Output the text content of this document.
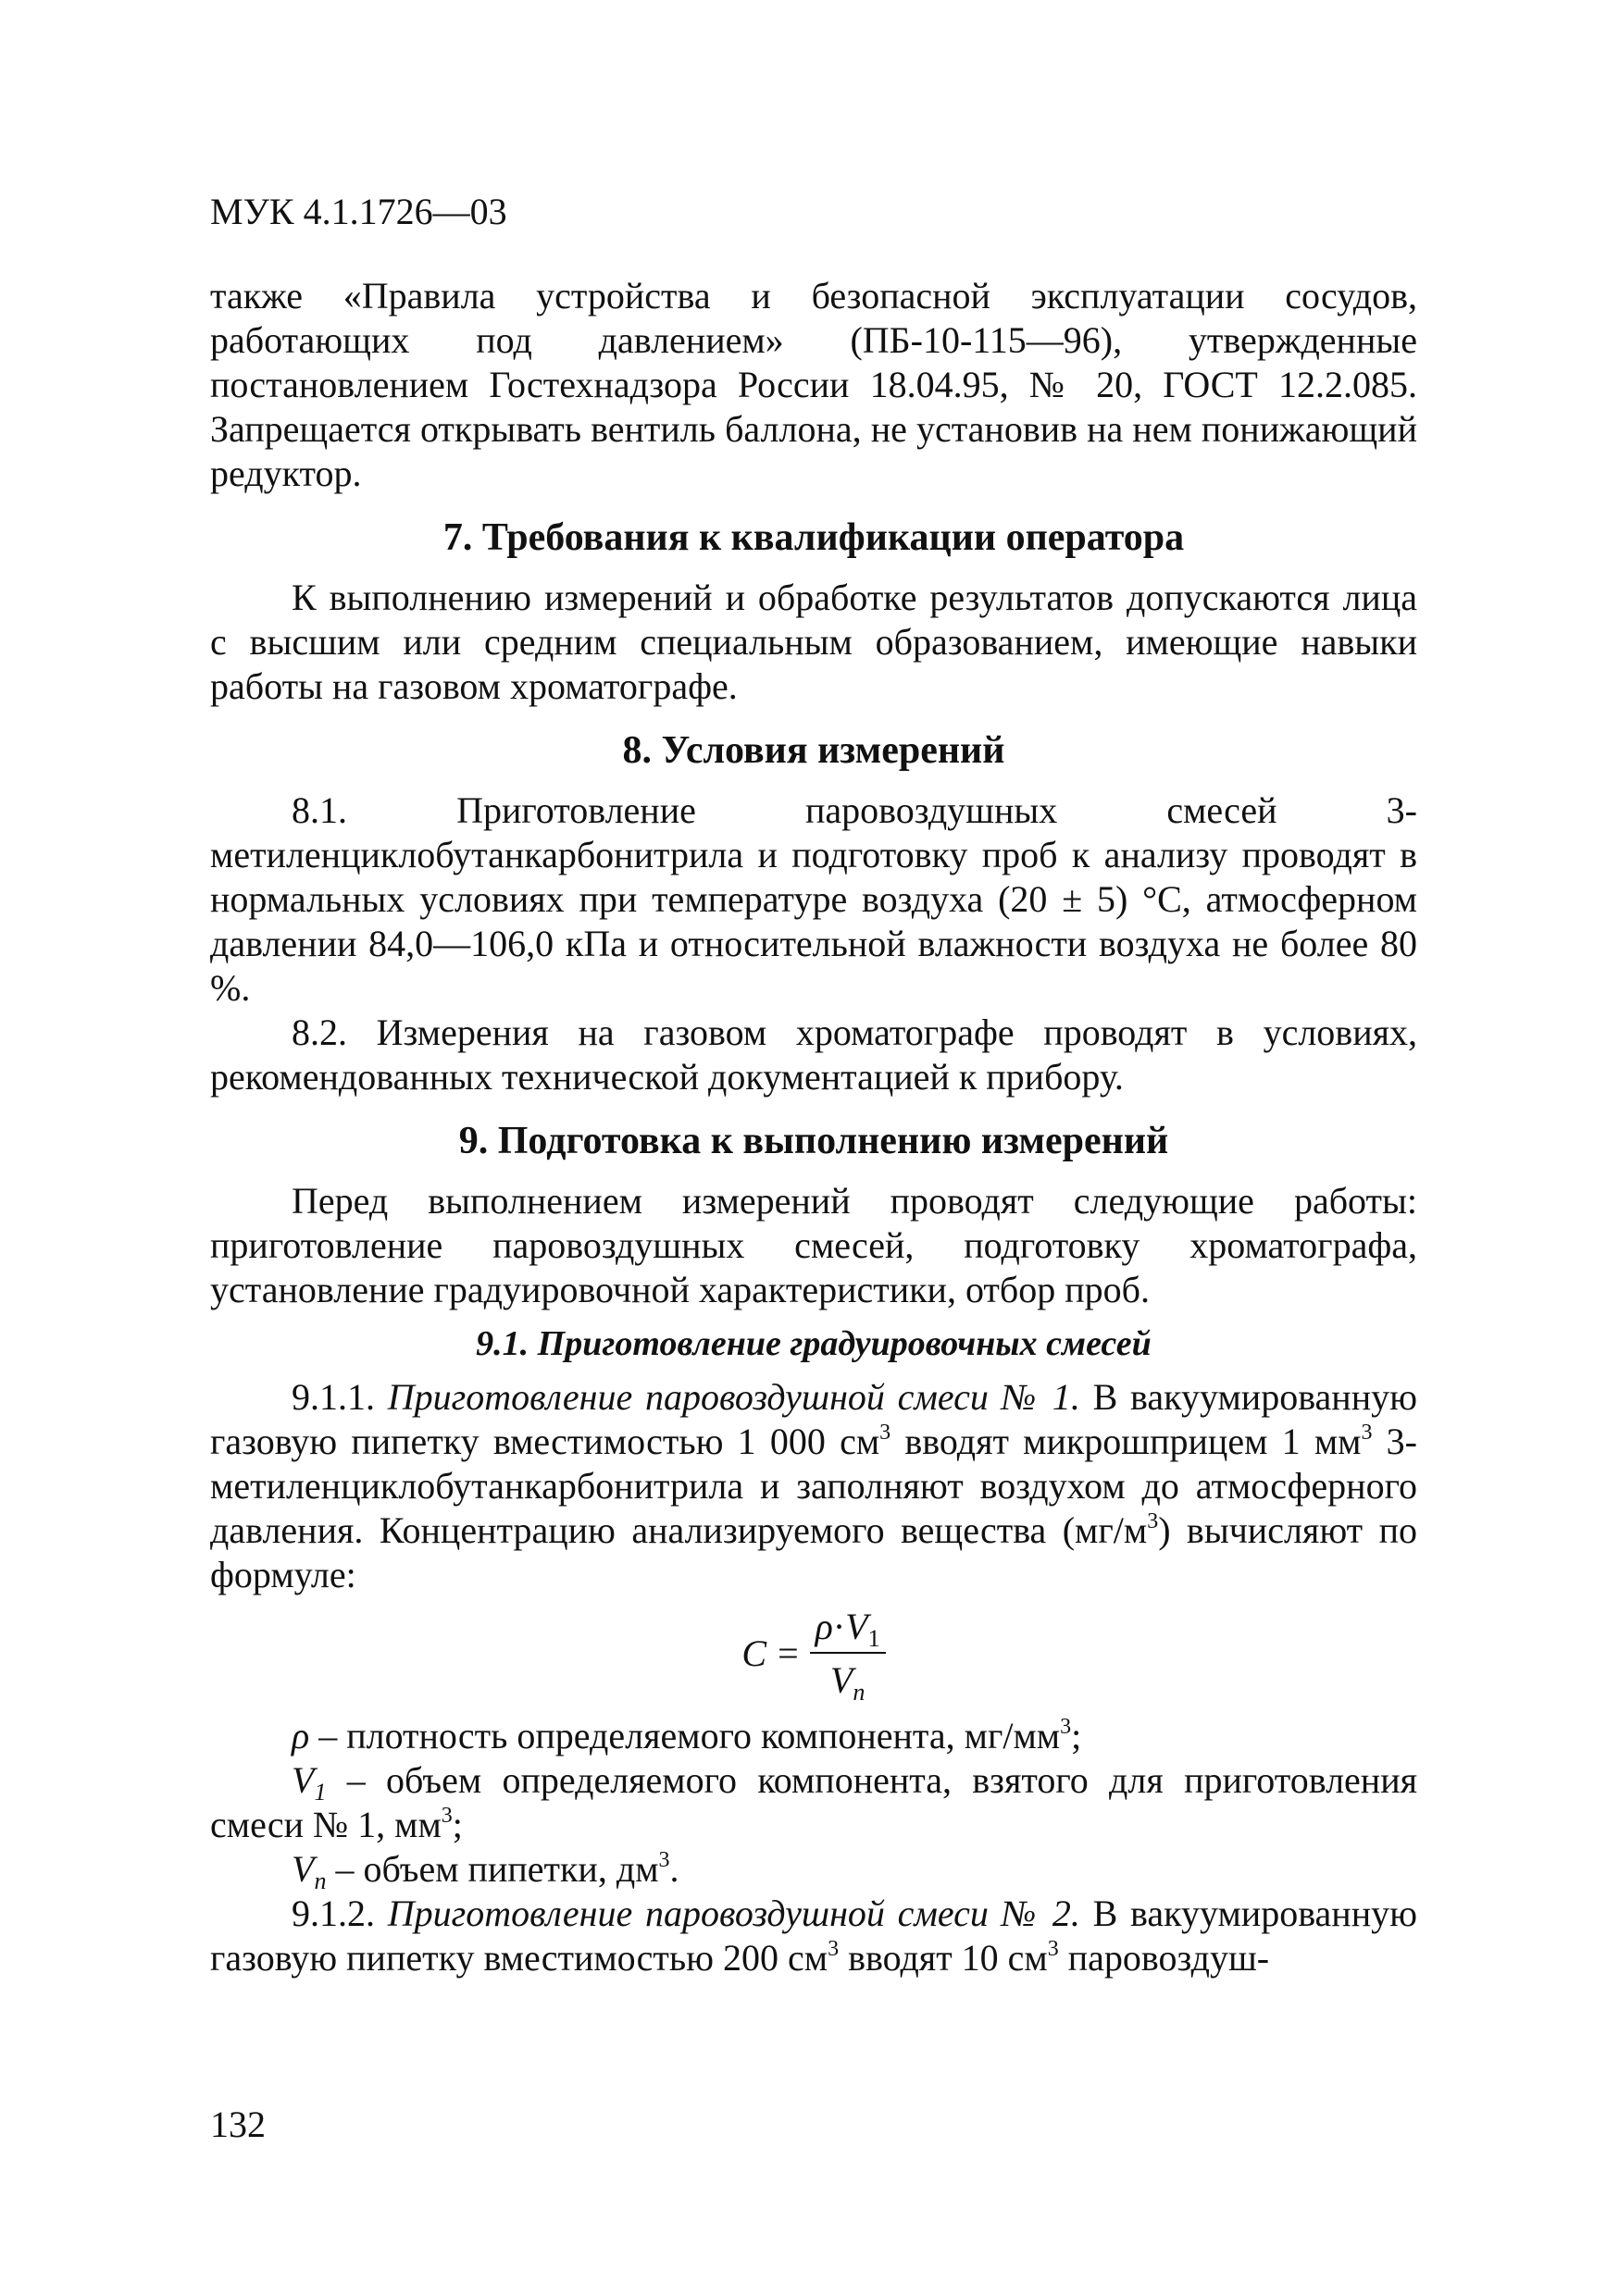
МУК 4.1.1726—03

также «Правила устройства и безопасной эксплуатации сосудов, работающих под давлением» (ПБ-10-115—96), утвержденные постановлением Гостехнадзора России 18.04.95, № 20, ГОСТ 12.2.085. Запрещается открывать вентиль баллона, не установив на нем понижающий редуктор.

7. Требования к квалификации оператора

К выполнению измерений и обработке результатов допускаются лица с высшим или средним специальным образованием, имеющие навыки работы на газовом хроматографе.

8. Условия измерений

8.1. Приготовление паровоздушных смесей 3-метиленциклобутанкарбонитрила и подготовку проб к анализу проводят в нормальных условиях при температуре воздуха (20 ± 5) °С, атмосферном давлении 84,0—106,0 кПа и относительной влажности воздуха не более 80 %.

8.2. Измерения на газовом хроматографе проводят в условиях, рекомендованных технической документацией к прибору.

9. Подготовка к выполнению измерений

Перед выполнением измерений проводят следующие работы: приготовление паровоздушных смесей, подготовку хроматографа, установление градуировочной характеристики, отбор проб.

9.1. Приготовление градуировочных смесей

9.1.1. Приготовление паровоздушной смеси № 1. В вакуумированную газовую пипетку вместимостью 1 000 $см^3$ вводят микрошприцем 1 $мм^3$ 3-метиленциклобутанкарбонитрила и заполняют воздухом до атмосферного давления. Концентрацию анализируемого вещества $(мг/м^3)$ вычисляют по формуле:

$C = \frac{\rho\cdot V_1}{V_n}$

ρ – плотность определяемого компонента, $мг/мм^3$;

$V_1$ – объем определяемого компонента, взятого для приготовления смеси № 1, $мм^3$;

$V_n$ – объем пипетки, $дм^3$.

9.1.2. Приготовление паровоздушной смеси № 2. В вакуумированную газовую пипетку вместимостью 200 $см^3$ вводят 10 $см^3$ паровоздуш-

132
